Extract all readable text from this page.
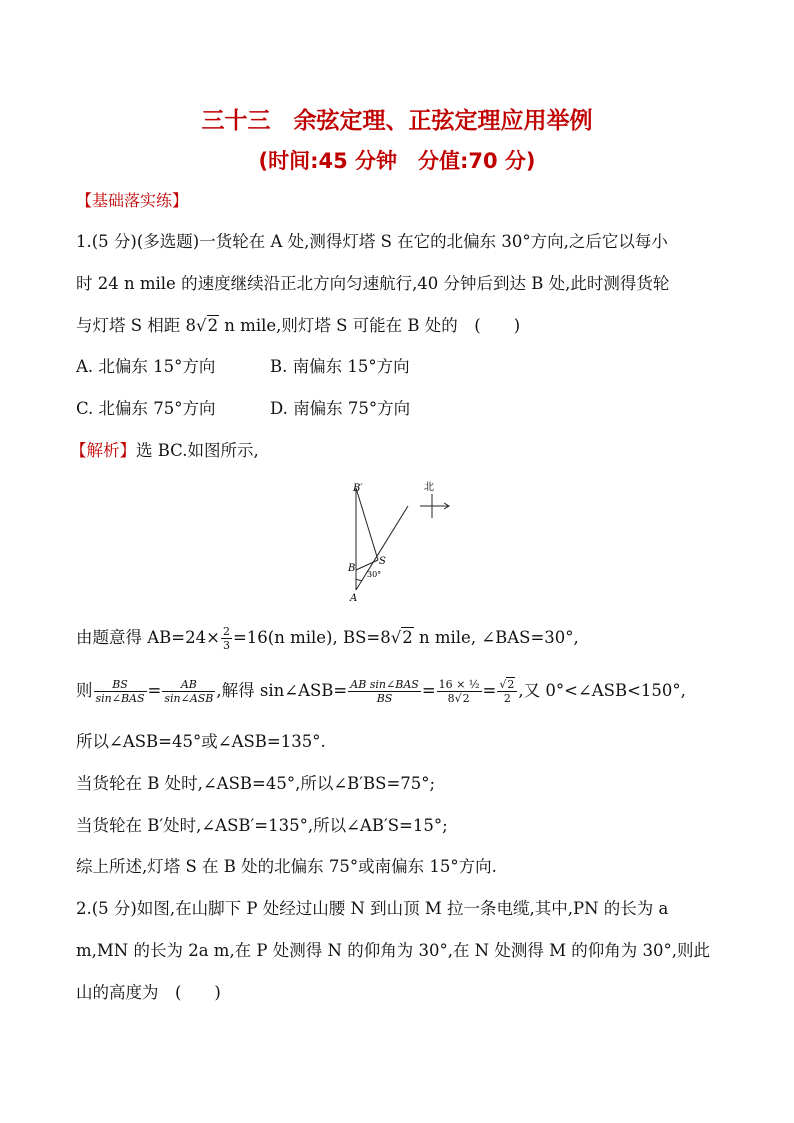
三十三　余弦定理、正弦定理应用举例
(时间:45 分钟　分值:70 分)
【基础落实练】
1.(5 分)(多选题)一货轮在 A 处,测得灯塔 S 在它的北偏东 30°方向,之后它以每小
时 24 n mile 的速度继续沿正北方向匀速航行,40 分钟后到达 B 处,此时测得货轮
与灯塔 S 相距 8√2 n mile,则灯塔 S 可能在 B 处的　(　　)
A. 北偏东 15°方向	B. 南偏东 15°方向
C. 北偏东 75°方向	D. 南偏东 75°方向
【解析】选 BC.如图所示,
B′
B
S
A
北
30°
由题意得 $AB=24\times \frac{2}{3} =16(n$ mile), BS=8√2 n mile, ∠BAS=30°,
则 $\frac{BS}{\text{sin∠BAS}} = \frac{AB}{\text{sin∠ASB}}$ ,解得 sin∠ASB= $\frac{\text{AB sin∠BAS}}{BS} = \frac{\text{16 × ½}}{8√2} = \frac{√2}{2}$ ,又 0°<∠ASB<150°,
所以∠ASB=45°或∠ASB=135°.
当货轮在 B 处时,∠ASB=45°,所以∠B′BS=75°;
当货轮在 B′处时,∠ASB′=135°,所以∠AB′S=15°;
综上所述,灯塔 S 在 B 处的北偏东 75°或南偏东 15°方向.
2.(5 分)如图,在山脚下 P 处经过山腰 N 到山顶 M 拉一条电缆,其中,PN 的长为 a
m,MN 的长为 2a m,在 P 处测得 N 的仰角为 30°,在 N 处测得 M 的仰角为 30°,则此
山的高度为　(　　)
